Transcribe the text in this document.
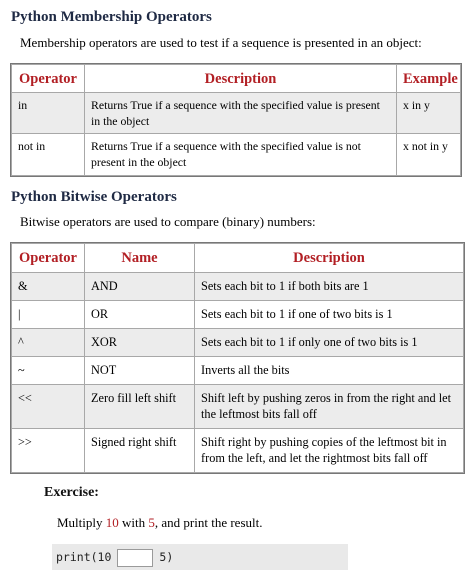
Python Membership Operators
Membership operators are used to test if a sequence is presented in an object:
Operator	Description	Example
in	Returns True if a sequence with the specified value is present in the object	x in y
not in	Returns True if a sequence with the specified value is not present in the object	x not in y
Python Bitwise Operators
Bitwise operators are used to compare (binary) numbers:
Operator	Name	Description
&	AND	Sets each bit to 1 if both bits are 1
|	OR	Sets each bit to 1 if one of two bits is 1
^	XOR	Sets each bit to 1 if only one of two bits is 1
~	NOT	Inverts all the bits
<<	Zero fill left shift	Shift left by pushing zeros in from the right and let the leftmost bits fall off
>>	Signed right shift	Shift right by pushing copies of the leftmost bit in from the left, and let the rightmost bits fall off
Exercise:
Multiply 10 with 5, and print the result.
print(10	5)
